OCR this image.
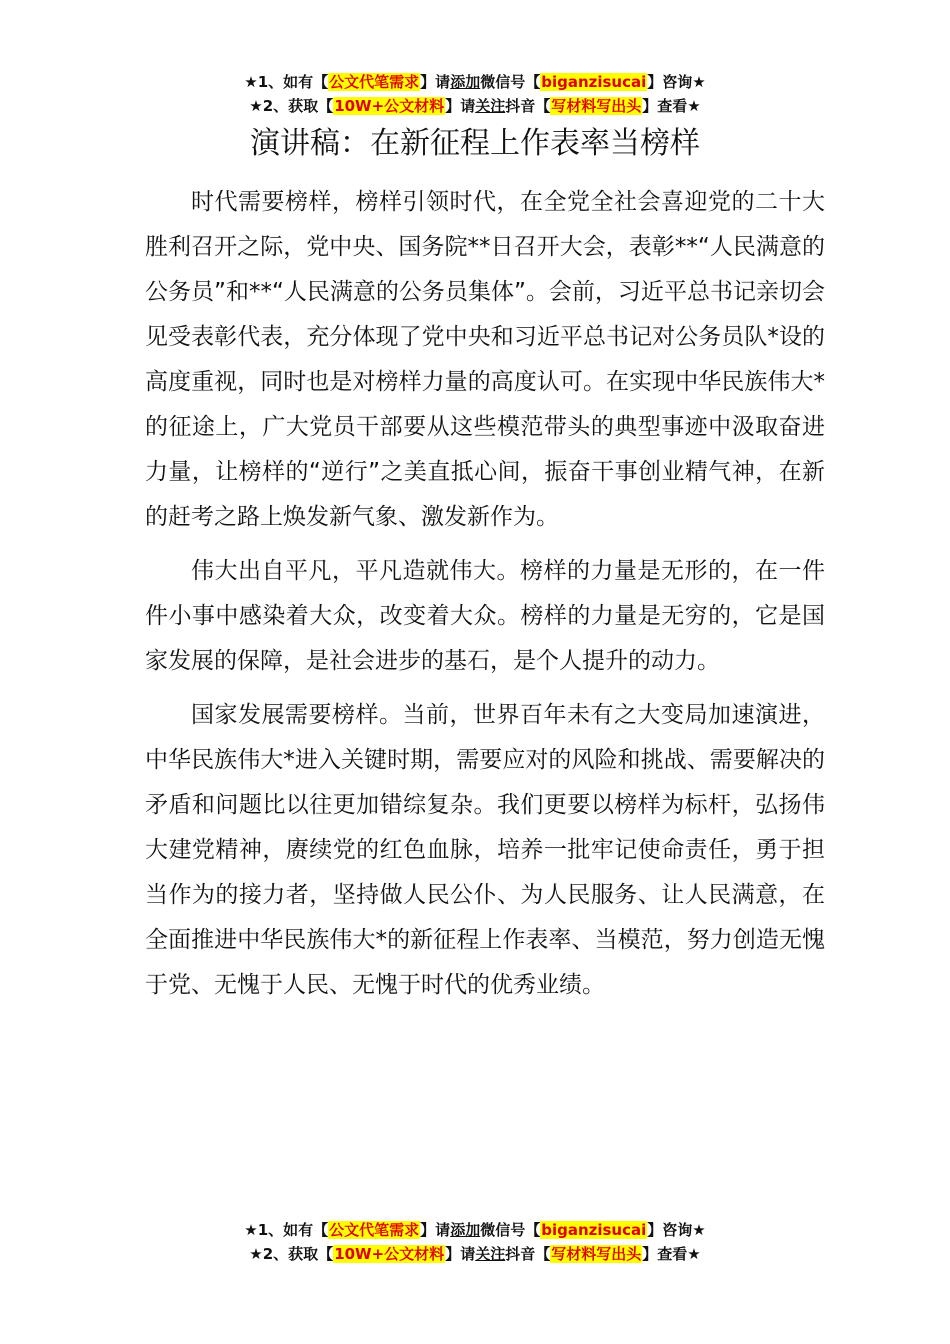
★1、如有【公文代笔需求】请添加微信号【biganzisucai】咨询★
★2、获取【10W+公文材料】请关注抖音【写材料写出头】查看★
演讲稿：在新征程上作表率当榜样

时代需要榜样，榜样引领时代，在全党全社会喜迎党的二十大胜利召开之际，党中央、国务院**日召开大会，表彰**“人民满意的公务员”和**“人民满意的公务员集体”。会前，习近平总书记亲切会见受表彰代表，充分体现了党中央和习近平总书记对公务员队*设的高度重视，同时也是对榜样力量的高度认可。在实现中华民族伟大*的征途上，广大党员干部要从这些模范带头的典型事迹中汲取奋进力量，让榜样的“逆行”之美直抵心间，振奋干事创业精气神，在新的赶考之路上焕发新气象、激发新作为。

伟大出自平凡，平凡造就伟大。榜样的力量是无形的，在一件件小事中感染着大众，改变着大众。榜样的力量是无穷的，它是国家发展的保障，是社会进步的基石，是个人提升的动力。

国家发展需要榜样。当前，世界百年未有之大变局加速演进，中华民族伟大*进入关键时期，需要应对的风险和挑战、需要解决的矛盾和问题比以往更加错综复杂。我们更要以榜样为标杆，弘扬伟大建党精神，赓续党的红色血脉，培养一批牢记使命责任，勇于担当作为的接力者，坚持做人民公仆、为人民服务、让人民满意，在全面推进中华民族伟大*的新征程上作表率、当模范，努力创造无愧于党、无愧于人民、无愧于时代的优秀业绩。

★1、如有【公文代笔需求】请添加微信号【biganzisucai】咨询★
★2、获取【10W+公文材料】请关注抖音【写材料写出头】查看★
